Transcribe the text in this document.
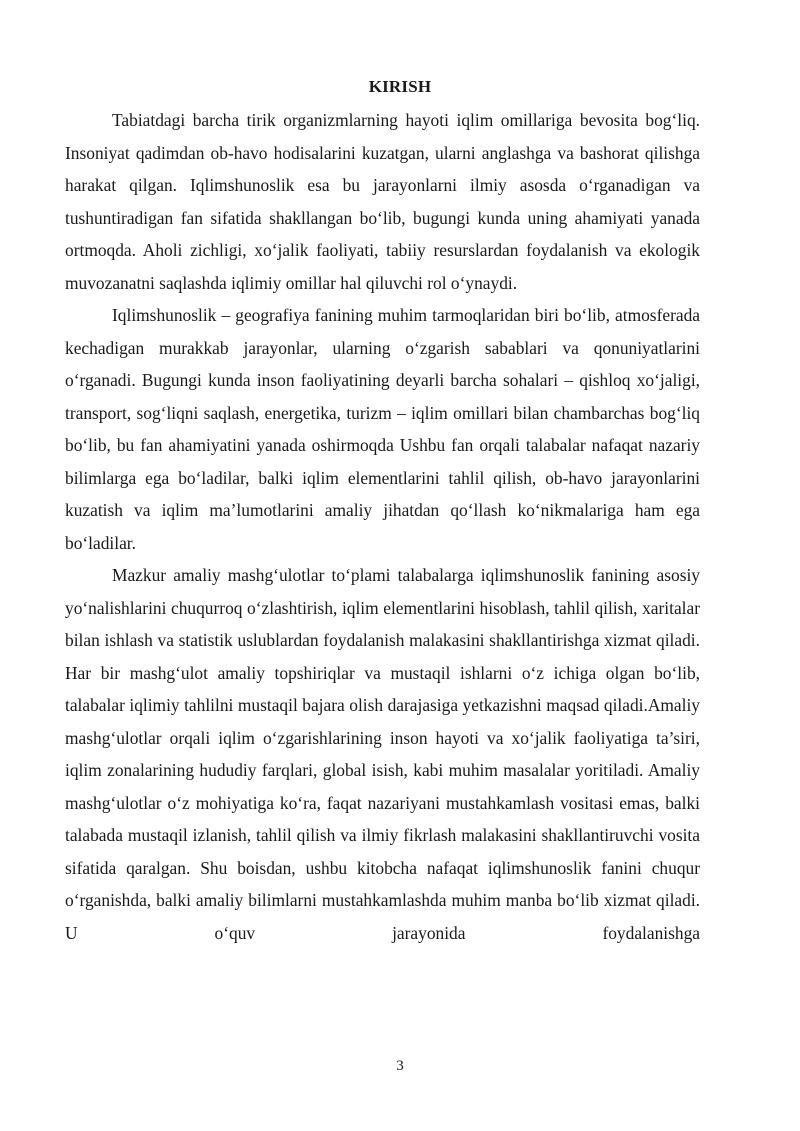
KIRISH

Tabiatdagi barcha tirik organizmlarning hayoti iqlim omillariga bevosita bog‘liq. Insoniyat qadimdan ob-havo hodisalarini kuzatgan, ularni anglashga va bashorat qilishga harakat qilgan. Iqlimshunoslik esa bu jarayonlarni ilmiy asosda o‘rganadigan va tushuntiradigan fan sifatida shakllangan bo‘lib, bugungi kunda uning ahamiyati yanada ortmoqda. Aholi zichligi, xo‘jalik faoliyati, tabiiy resurslardan foydalanish va ekologik muvozanatni saqlashda iqlimiy omillar hal qiluvchi rol o‘ynaydi.

Iqlimshunoslik – geografiya fanining muhim tarmoqlaridan biri bo‘lib, atmosferada kechadigan murakkab jarayonlar, ularning o‘zgarish sabablari va qonuniyatlarini o‘rganadi. Bugungi kunda inson faoliyatining deyarli barcha sohalari – qishloq xo‘jaligi, transport, sog‘liqni saqlash, energetika, turizm – iqlim omillari bilan chambarchas bog‘liq bo‘lib, bu fan ahamiyatini yanada oshirmoqda Ushbu fan orqali talabalar nafaqat nazariy bilimlarga ega bo‘ladilar, balki iqlim elementlarini tahlil qilish, ob-havo jarayonlarini kuzatish va iqlim ma’lumotlarini amaliy jihatdan qo‘llash ko‘nikmalariga ham ega bo‘ladilar.

Mazkur amaliy mashg‘ulotlar to‘plami talabalarga iqlimshunoslik fanining asosiy yo‘nalishlarini chuqurroq o‘zlashtirish, iqlim elementlarini hisoblash, tahlil qilish, xaritalar bilan ishlash va statistik uslublardan foydalanish malakasini shakllantirishga xizmat qiladi. Har bir mashg‘ulot amaliy topshiriqlar va mustaqil ishlarni o‘z ichiga olgan bo‘lib, talabalar iqlimiy tahlilni mustaqil bajara olish darajasiga yetkazishni maqsad qiladi.Amaliy mashg‘ulotlar orqali iqlim o‘zgarishlarining inson hayoti va xo‘jalik faoliyatiga ta’siri, iqlim zonalarining hududiy farqlari, global isish, kabi muhim masalalar yoritiladi. Amaliy mashg‘ulotlar o‘z mohiyatiga ko‘ra, faqat nazariyani mustahkamlash vositasi emas, balki talabada mustaqil izlanish, tahlil qilish va ilmiy fikrlash malakasini shakllantiruvchi vosita sifatida qaralgan. Shu boisdan, ushbu kitobcha nafaqat iqlimshunoslik fanini chuqur o‘rganishda, balki amaliy bilimlarni mustahkamlashda muhim manba bo‘lib xizmat qiladi. U o‘quv jarayonida foydalanishga

3
